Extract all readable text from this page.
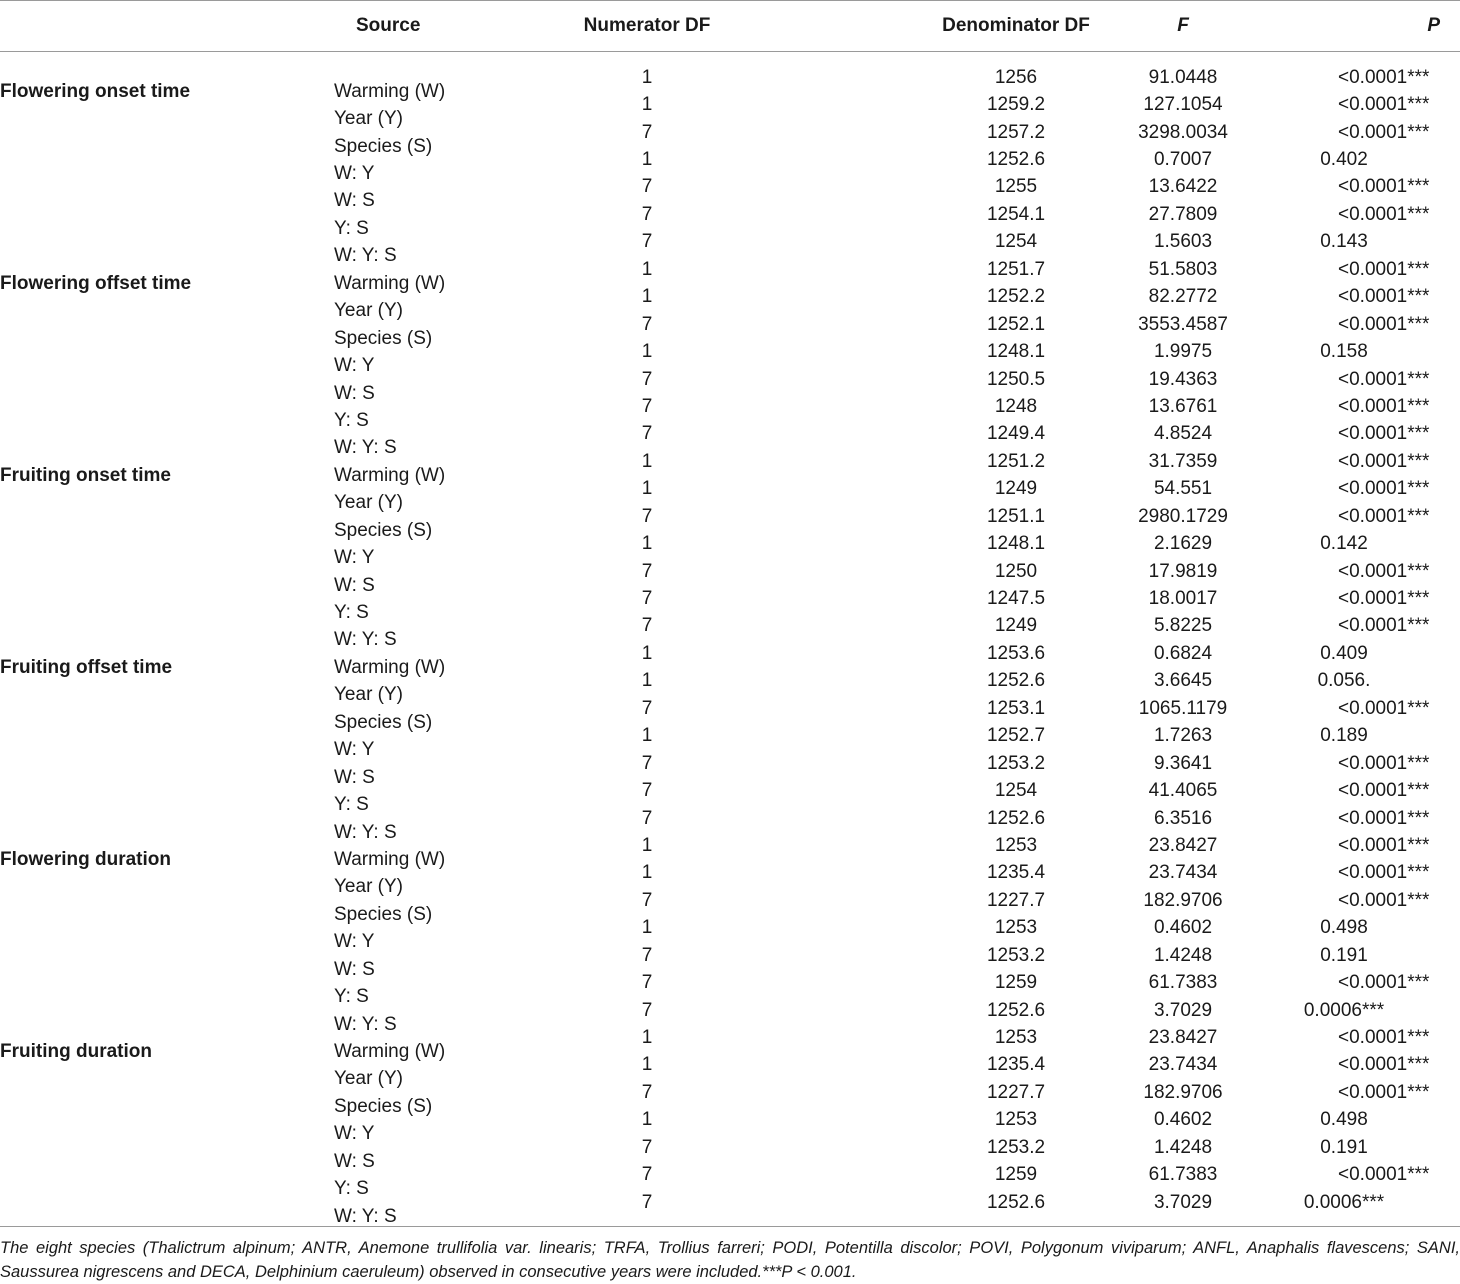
Source	Numerator DF	Denominator DF	F	P

Flowering onset time Warming (W)	1	1256	91.0448	<0.0001***

Year (Y)	1	1259.2	127.1054	<0.0001***

Species (S)	7	1257.2	3298.0034	<0.0001***

W: Y	1	1252.6	0.7007	0.402

W: S	7	1255	13.6422	<0.0001***

Y: S	7	1254.1	27.7809	<0.0001***

W: Y: S	7	1254	1.5603	0.143

Flowering offset time Warming (W)	1	1251.7	51.5803	<0.0001***

Year (Y)	1	1252.2	82.2772	<0.0001***

Species (S)	7	1252.1	3553.4587	<0.0001***

W: Y	1	1248.1	1.9975	0.158

W: S	7	1250.5	19.4363	<0.0001***

Y: S	7	1248	13.6761	<0.0001***

W: Y: S	7	1249.4	4.8524	<0.0001***

Fruiting onset time Warming (W)	1	1251.2	31.7359	<0.0001***

Year (Y)	1	1249	54.551	<0.0001***

Species (S)	7	1251.1	2980.1729	<0.0001***

W: Y	1	1248.1	2.1629	0.142

W: S	7	1250	17.9819	<0.0001***

Y: S	7	1247.5	18.0017	<0.0001***

W: Y: S	7	1249	5.8225	<0.0001***

Fruiting offset time Warming (W)	1	1253.6	0.6824	0.409

Year (Y)	1	1252.6	3.6645	0.056.

Species (S)	7	1253.1	1065.1179	<0.0001***

W: Y	1	1252.7	1.7263	0.189

W: S	7	1253.2	9.3641	<0.0001***

Y: S	7	1254	41.4065	<0.0001***

W: Y: S	7	1252.6	6.3516	<0.0001***

Flowering duration Warming (W)	1	1253	23.8427	<0.0001***

Year (Y)	1	1235.4	23.7434	<0.0001***

Species (S)	7	1227.7	182.9706	<0.0001***

W: Y	1	1253	0.4602	0.498

W: S	7	1253.2	1.4248	0.191

Y: S	7	1259	61.7383	<0.0001***

W: Y: S	7	1252.6	3.7029	0.0006***

Fruiting duration Warming (W)	1	1253	23.8427	<0.0001***

Year (Y)	1	1235.4	23.7434	<0.0001***

Species (S)	7	1227.7	182.9706	<0.0001***

W: Y	1	1253	0.4602	0.498

W: S	7	1253.2	1.4248	0.191

Y: S	7	1259	61.7383	<0.0001***

W: Y: S	7	1252.6	3.7029	0.0006***
The eight species (Thalictrum alpinum; ANTR, Anemone trullifolia var. linearis; TRFA, Trollius farreri; PODI, Potentilla discolor; POVI, Polygonum viviparum; ANFL, Anaphalis flavescens; SANI, Saussurea nigrescens and DECA, Delphinium caeruleum) observed in consecutive years were included.***P < 0.001.
